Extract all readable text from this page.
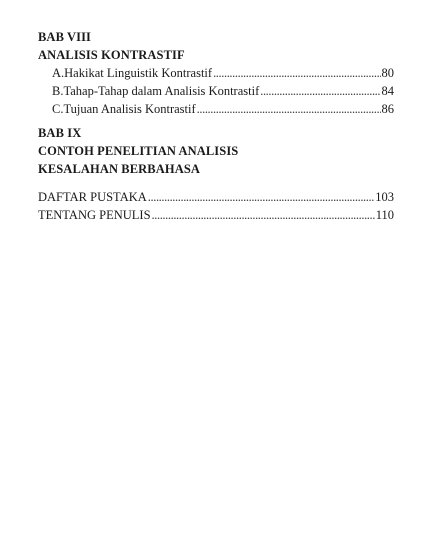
BAB VIII
ANALISIS KONTRASTIF
A. Hakikat Linguistik Kontrastif .....	80
B. Tahap-Tahap dalam Analisis Kontrastif .....	84
C. Tujuan Analisis Kontrastif .....	86
BAB IX
CONTOH PENELITIAN ANALISIS
KESALAHAN BERBAHASA
DAFTAR PUSTAKA .....	103
TENTANG PENULIS .....	110
